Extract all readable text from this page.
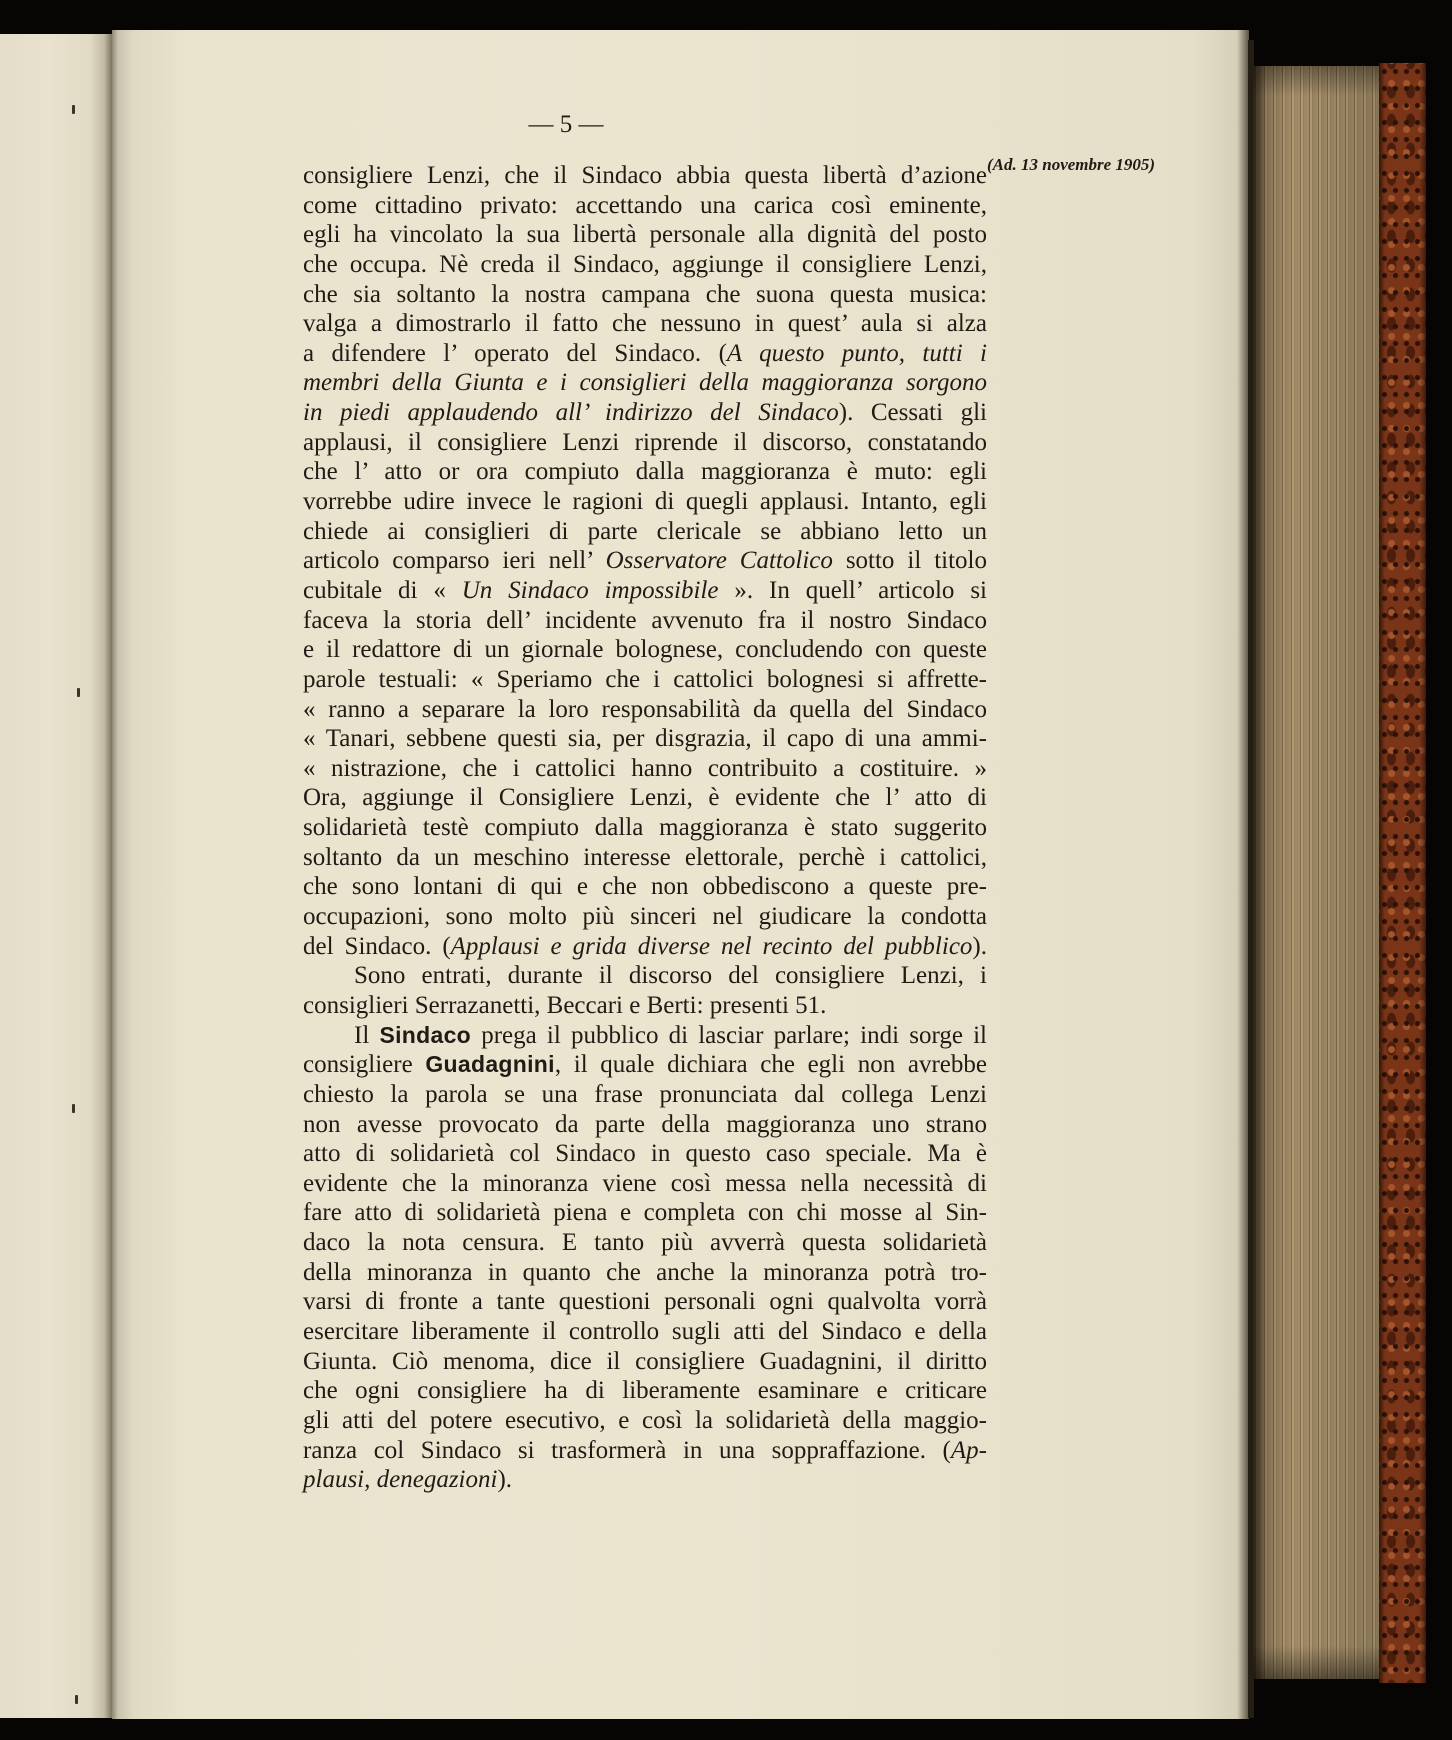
— 5 —
(Ad. 13 novembre 1905)
consigliere Lenzi, che il Sindaco abbia questa libertà d’azione
come cittadino privato: accettando una carica così eminente,
egli ha vincolato la sua libertà personale alla dignità del posto
che occupa. Nè creda il Sindaco, aggiunge il consigliere Lenzi,
che sia soltanto la nostra campana che suona questa musica:
valga a dimostrarlo il fatto che nessuno in quest’ aula si alza
a difendere l’ operato del Sindaco. (A questo punto, tutti i
membri della Giunta e i consiglieri della maggioranza sorgono
in piedi applaudendo all’ indirizzo del Sindaco). Cessati gli
applausi, il consigliere Lenzi riprende il discorso, constatando
che l’ atto or ora compiuto dalla maggioranza è muto: egli
vorrebbe udire invece le ragioni di quegli applausi. Intanto, egli
chiede ai consiglieri di parte clericale se abbiano letto un
articolo comparso ieri nell’ Osservatore Cattolico sotto il titolo
cubitale di « Un Sindaco impossibile ». In quell’ articolo si
faceva la storia dell’ incidente avvenuto fra il nostro Sindaco
e il redattore di un giornale bolognese, concludendo con queste
parole testuali: « Speriamo che i cattolici bolognesi si affrette-
« ranno a separare la loro responsabilità da quella del Sindaco
« Tanari, sebbene questi sia, per disgrazia, il capo di una ammi-
« nistrazione, che i cattolici hanno contribuito a costituire. »
Ora, aggiunge il Consigliere Lenzi, è evidente che l’ atto di
solidarietà testè compiuto dalla maggioranza è stato suggerito
soltanto da un meschino interesse elettorale, perchè i cattolici,
che sono lontani di qui e che non obbediscono a queste pre-
occupazioni, sono molto più sinceri nel giudicare la condotta
del Sindaco. (Applausi e grida diverse nel recinto del pubblico).
Sono entrati, durante il discorso del consigliere Lenzi, i
consiglieri Serrazanetti, Beccari e Berti: presenti 51.
Il Sindaco prega il pubblico di lasciar parlare; indi sorge il
consigliere Guadagnini, il quale dichiara che egli non avrebbe
chiesto la parola se una frase pronunciata dal collega Lenzi
non avesse provocato da parte della maggioranza uno strano
atto di solidarietà col Sindaco in questo caso speciale. Ma è
evidente che la minoranza viene così messa nella necessità di
fare atto di solidarietà piena e completa con chi mosse al Sin-
daco la nota censura. E tanto più avverrà questa solidarietà
della minoranza in quanto che anche la minoranza potrà tro-
varsi di fronte a tante questioni personali ogni qualvolta vorrà
esercitare liberamente il controllo sugli atti del Sindaco e della
Giunta. Ciò menoma, dice il consigliere Guadagnini, il diritto
che ogni consigliere ha di liberamente esaminare e criticare
gli atti del potere esecutivo, e così la solidarietà della maggio-
ranza col Sindaco si trasformerà in una soppraffazione. (Ap-
plausi, denegazioni).
